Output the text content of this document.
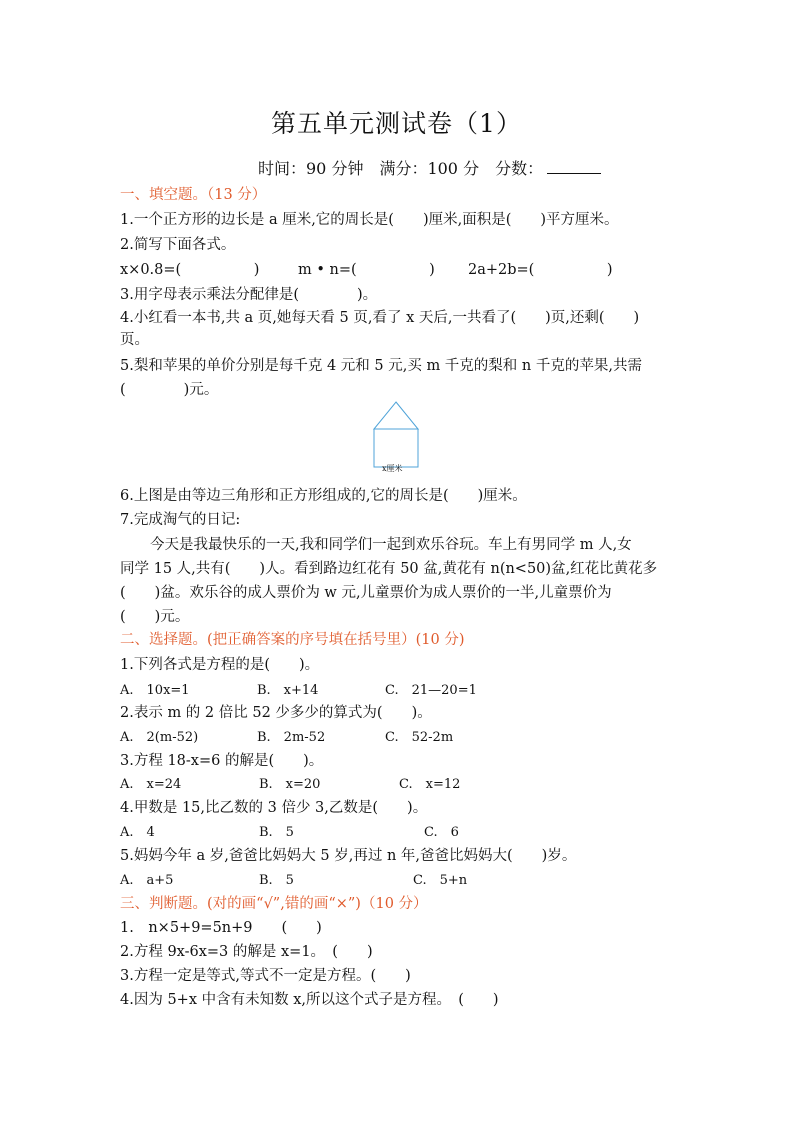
第五单元测试卷（1）
时间：90 分钟　满分：100 分　分数：
一、填空题。（13 分）
1.一个正方形的边长是 a 厘米,它的周长是(　　)厘米,面积是(　　)平方厘米。
2.简写下面各式。
x×0.8=(　　　　　)	m • n=(　　　　　) 2a+2b=(　　　　　)
3.用字母表示乘法分配律是(　　　　)。
4.小红看一本书,共 a 页,她每天看 5 页,看了 x 天后,一共看了(　　)页,还剩(　　)
页。
5.梨和苹果的单价分别是每千克 4 元和 5 元,买 m 千克的梨和 n 千克的苹果,共需
(　　　　)元。
x厘米
6.上图是由等边三角形和正方形组成的,它的周长是(　　)厘米。
7.完成淘气的日记:
今天是我最快乐的一天,我和同学们一起到欢乐谷玩。车上有男同学 m 人,女
同学 15 人,共有(　　)人。看到路边红花有 50 盆,黄花有 n(n<50)盆,红花比黄花多
(　　)盆。欢乐谷的成人票价为 w 元,儿童票价为成人票价的一半,儿童票价为
(　　)元。
二、选择题。(把正确答案的序号填在括号里）(10 分)
1.下列各式是方程的是(　　)。
A.　10x=1	B.　x+14	C.　21—20=1
2.表示 m 的 2 倍比 52 少多少的算式为(　　)。
A.　2(m-52)	B.　2m-52	C.　52-2m
3.方程 18-x=6 的解是(　　)。
A.　x=24	B.　x=20	C.　x=12
4.甲数是 15,比乙数的 3 倍少 3,乙数是(　　)。
A.　4	B.　5	C.　6
5.妈妈今年 a 岁,爸爸比妈妈大 5 岁,再过 n 年,爸爸比妈妈大(　　)岁。
A.　a+5	B.　5	C.　5+n
三、判断题。(对的画“√”,错的画“×”)（10 分）
1.　n×5+9=5n+9　　(　　)
2.方程 9x-6x=3 的解是 x=1。　(　　)
3.方程一定是等式,等式不一定是方程。(　　)
4.因为 5+x 中含有未知数 x,所以这个式子是方程。　(　　)
